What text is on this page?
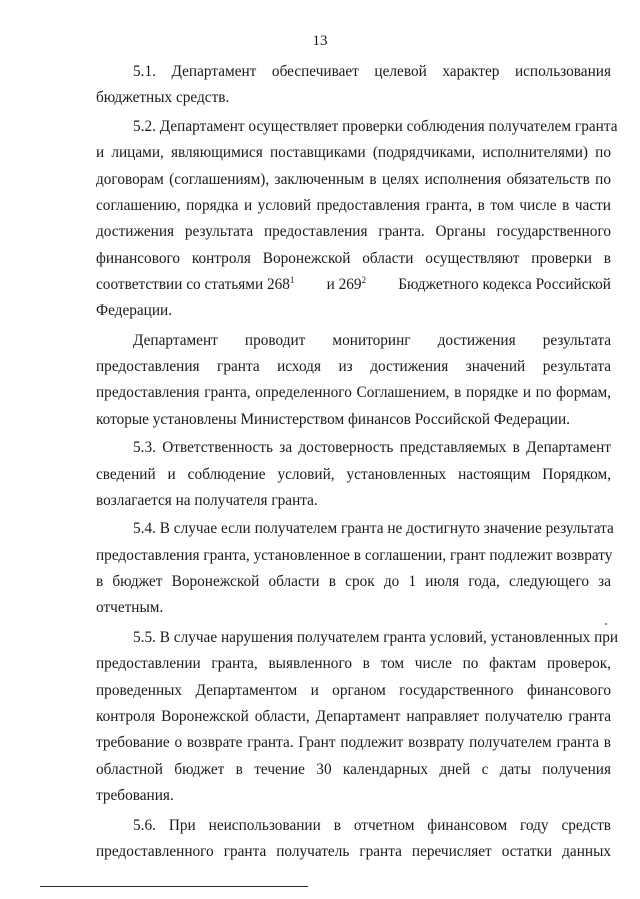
13
5.1. Департамент обеспечивает целевой характер использования
бюджетных средств.
5.2. Департамент осуществляет проверки соблюдения получателем гранта
и лицами, являющимися поставщиками (подрядчиками, исполнителями) по
договорам (соглашениям), заключенным в целях исполнения обязательств по
соглашению, порядка и условий предоставления гранта, в том числе в части
достижения результата предоставления гранта. Органы государственного
финансового контроля Воронежской области осуществляют проверки в
соответствии со статьями $268^1$ и $269^2$ Бюджетного кодекса Российской
Федерации.
Департамент проводит мониторинг достижения результата
предоставления гранта исходя из достижения значений результата
предоставления гранта, определенного Соглашением, в порядке и по формам,
которые установлены Министерством финансов Российской Федерации.
5.3. Ответственность за достоверность представляемых в Департамент
сведений и соблюдение условий, установленных настоящим Порядком,
возлагается на получателя гранта.
5.4. В случае если получателем гранта не достигнуто значение результата
предоставления гранта, установленное в соглашении, грант подлежит возврату
в бюджет Воронежской области в срок до 1 июля года, следующего за
отчетным.
5.5. В случае нарушения получателем гранта условий, установленных при
предоставлении гранта, выявленного в том числе по фактам проверок,
проведенных Департаментом и органом государственного финансового
контроля Воронежской области, Департамент направляет получателю гранта
требование о возврате гранта. Грант подлежит возврату получателем гранта в
областной бюджет в течение 30 календарных дней с даты получения
требования.
5.6. При неиспользовании в отчетном финансовом году средств
предоставленного гранта получатель гранта перечисляет остатки данных
